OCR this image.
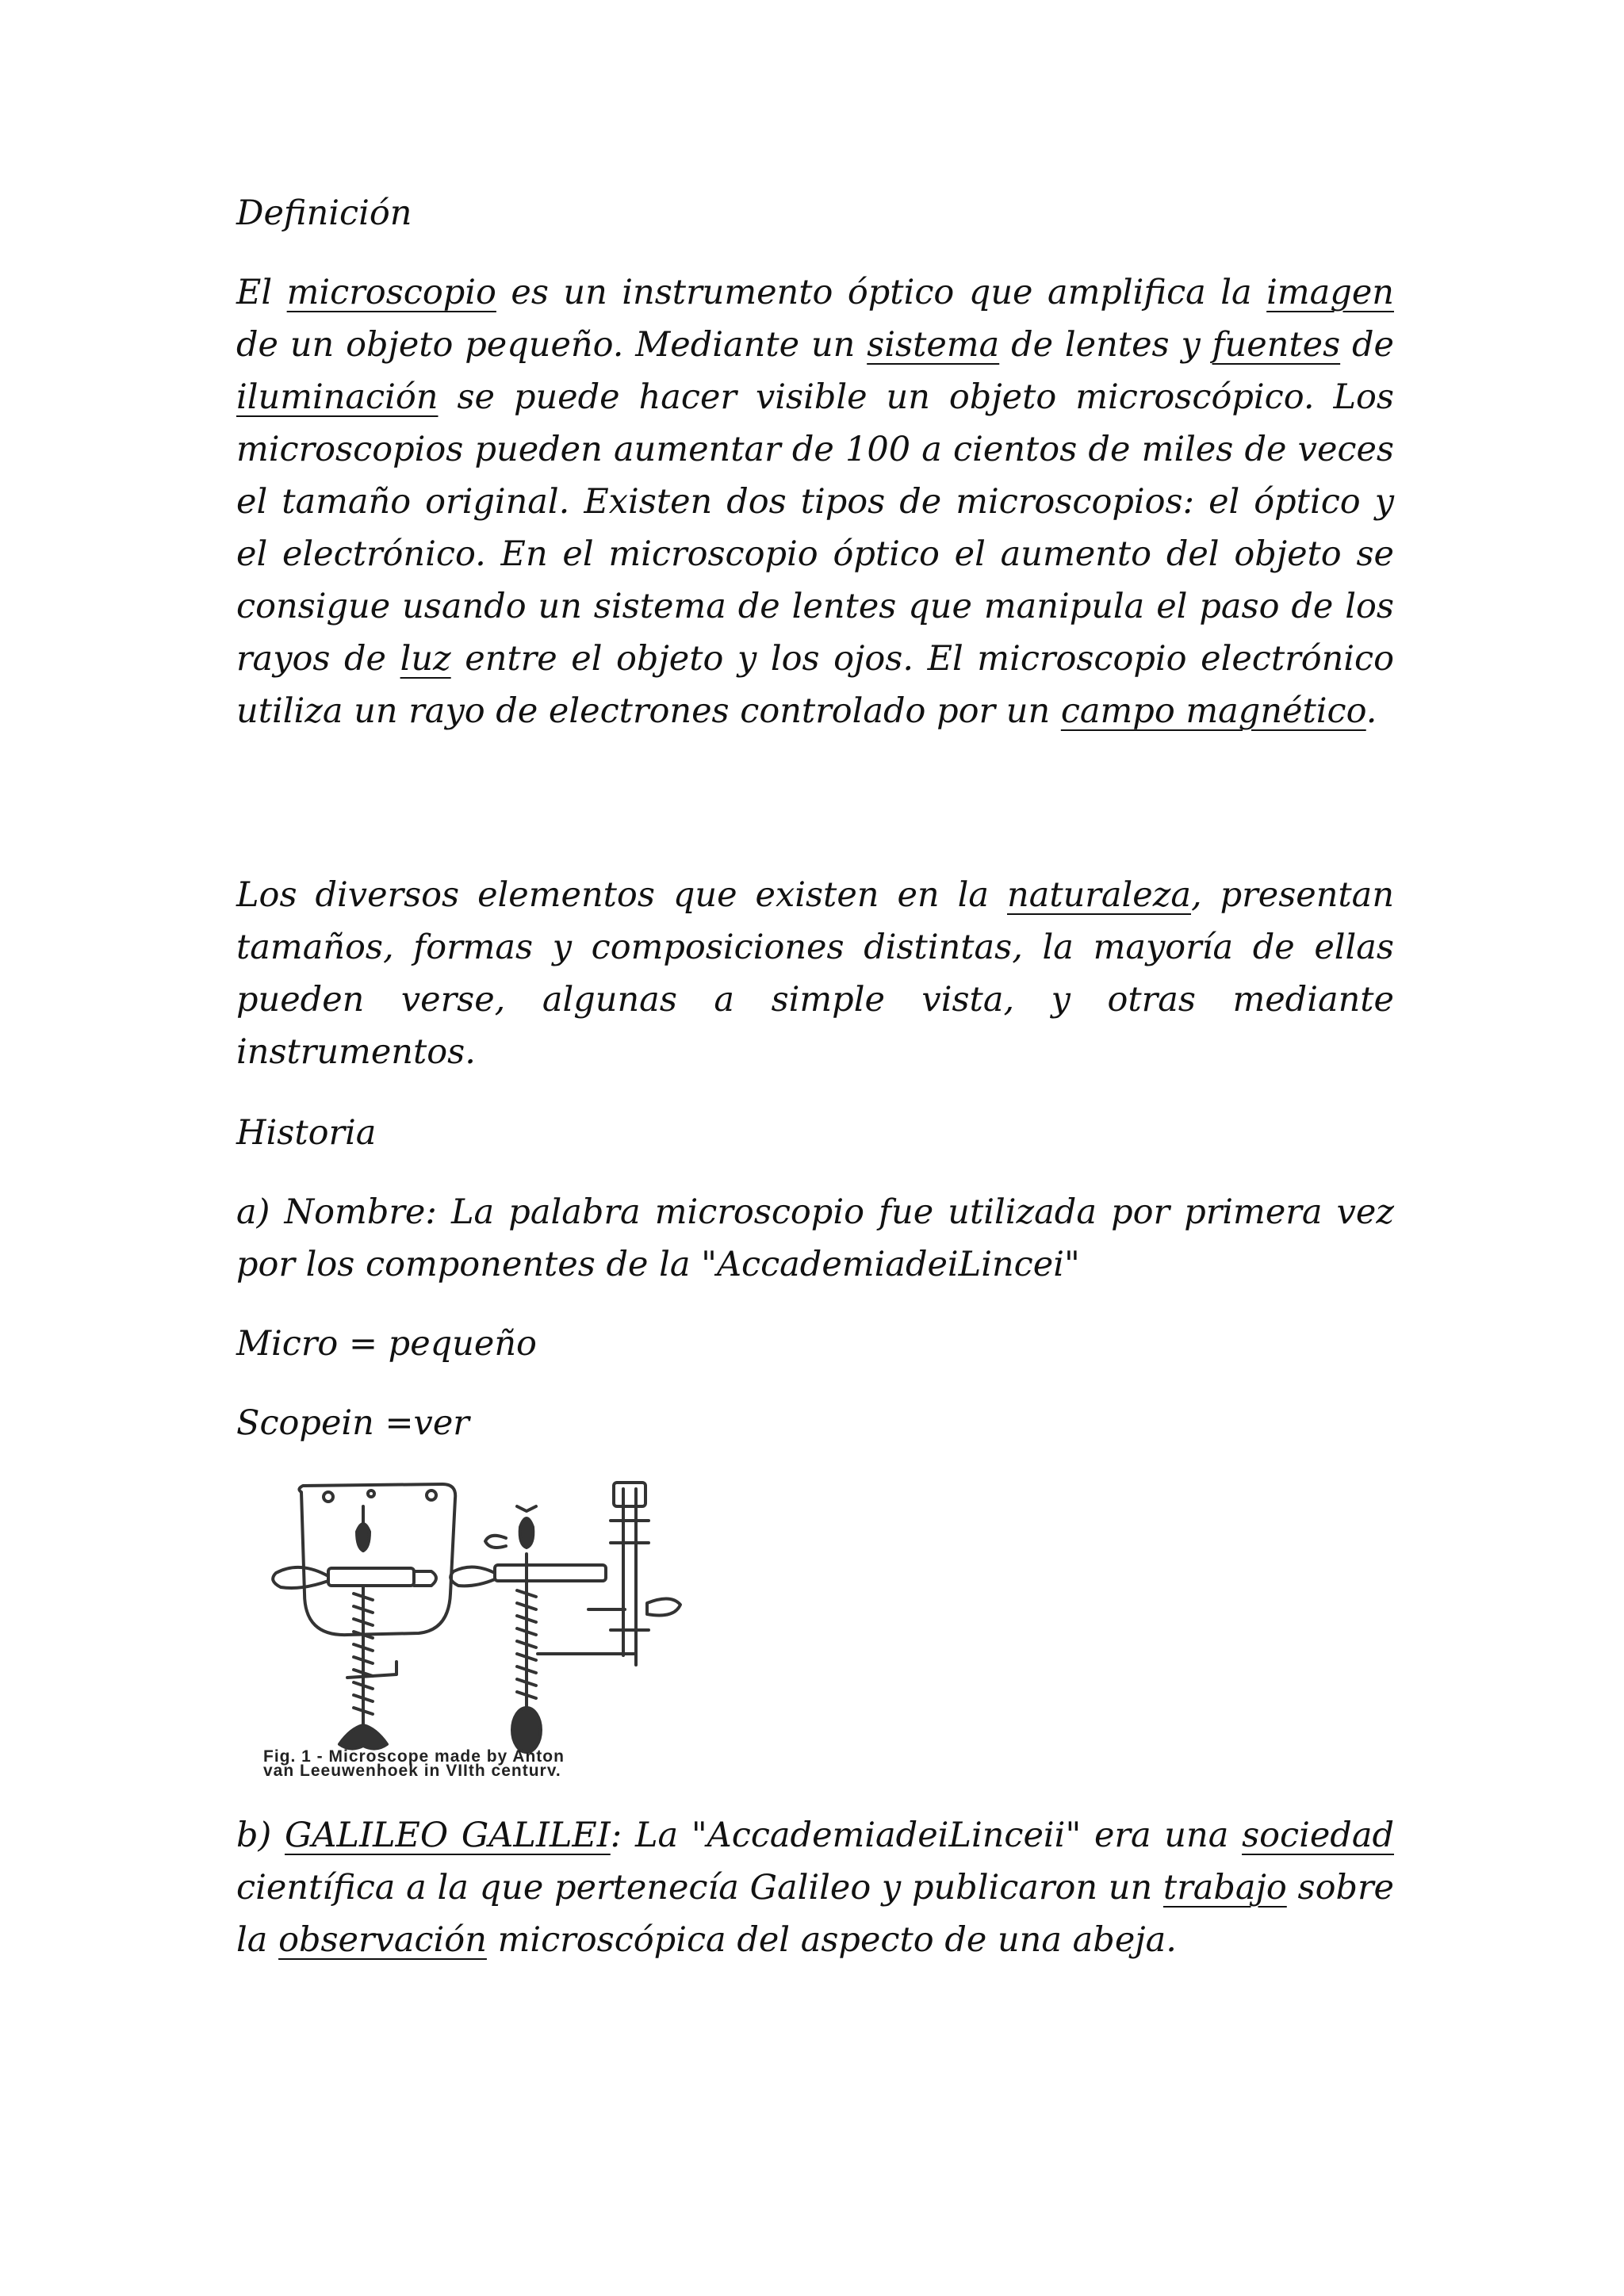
Definición

El microscopio es un instrumento óptico que amplifica la imagen de un objeto pequeño. Mediante un sistema de lentes y fuentes de iluminación se puede hacer visible un objeto microscópico. Los microscopios pueden aumentar de 100 a cientos de miles de veces el tamaño original. Existen dos tipos de microscopios: el óptico y el electrónico. En el microscopio óptico el aumento del objeto se consigue usando un sistema de lentes que manipula el paso de los rayos de luz entre el objeto y los ojos. El microscopio electrónico utiliza un rayo de electrones controlado por un campo magnético.

Los diversos elementos que existen en la naturaleza, presentan tamaños, formas y composiciones distintas, la mayoría de ellas pueden verse, algunas a simple vista, y otras mediante instrumentos.

Historia

a) Nombre: La palabra microscopio fue utilizada por primera vez por los componentes de la "AccademiadeiLincei"

Micro = pequeño

Scopein =ver

Fig. 1 - Microscope made by Anton
van Leeuwenhoek in VIIth century.

b) GALILEO GALILEI: La "AccademiadeiLinceii" era una sociedad científica a la que pertenecía Galileo y publicaron un trabajo sobre la observación microscópica del aspecto de una abeja.
